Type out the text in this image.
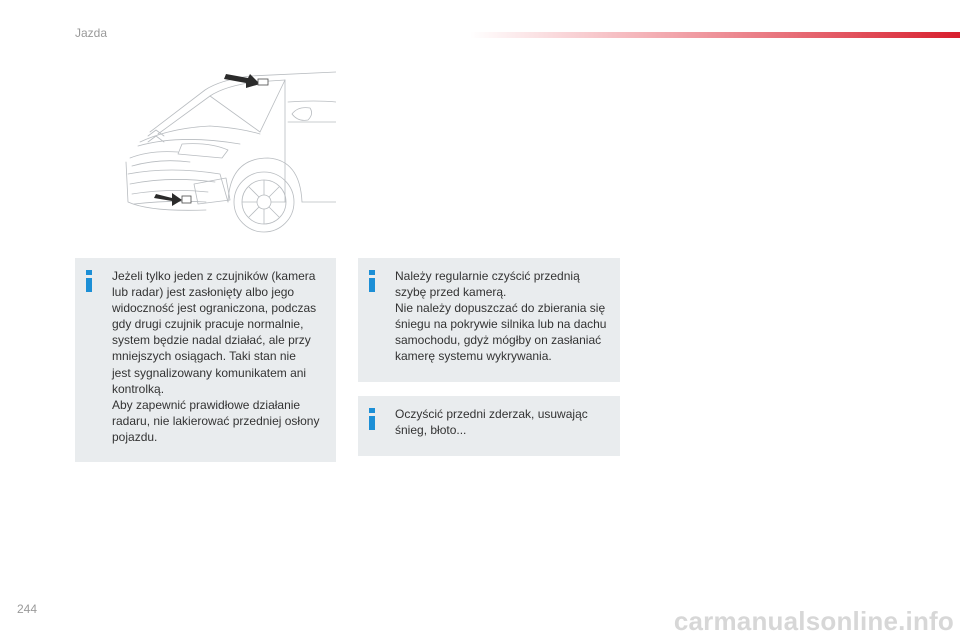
Jazda

Jeżeli tylko jeden z czujników (kamera
lub radar) jest zasłonięty albo jego
widoczność jest ograniczona, podczas
gdy drugi czujnik pracuje normalnie,
system będzie nadal działać, ale przy
mniejszych osiągach. Taki stan nie
jest sygnalizowany komunikatem ani
kontrolką.
Aby zapewnić prawidłowe działanie
radaru, nie lakierować przedniej osłony
pojazdu.

Należy regularnie czyścić przednią
szybę przed kamerą.
Nie należy dopuszczać do zbierania się
śniegu na pokrywie silnika lub na dachu
samochodu, gdyż mógłby on zasłaniać
kamerę systemu wykrywania.

Oczyścić przedni zderzak, usuwając
śnieg, błoto...

244	carmanualsonline.info
